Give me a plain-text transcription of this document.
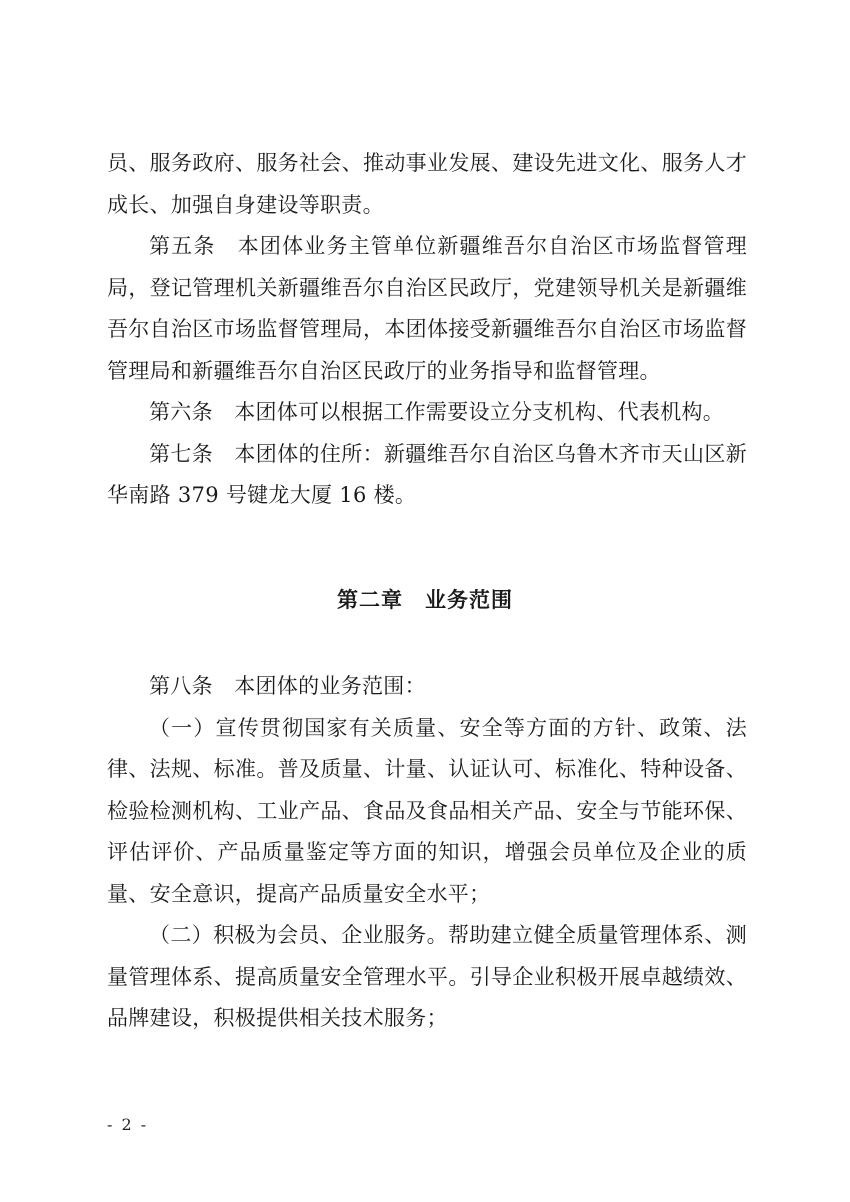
员、服务政府、服务社会、推动事业发展、建设先进文化、服务人才成长、加强自身建设等职责。

第五条　本团体业务主管单位新疆维吾尔自治区市场监督管理局，登记管理机关新疆维吾尔自治区民政厅，党建领导机关是新疆维吾尔自治区市场监督管理局，本团体接受新疆维吾尔自治区市场监督管理局和新疆维吾尔自治区民政厅的业务指导和监督管理。

第六条　本团体可以根据工作需要设立分支机构、代表机构。

第七条　本团体的住所：新疆维吾尔自治区乌鲁木齐市天山区新华南路 379 号键龙大厦 16 楼。

第二章　业务范围

第八条　本团体的业务范围：

（一）宣传贯彻国家有关质量、安全等方面的方针、政策、法律、法规、标准。普及质量、计量、认证认可、标准化、特种设备、检验检测机构、工业产品、食品及食品相关产品、安全与节能环保、评估评价、产品质量鉴定等方面的知识，增强会员单位及企业的质量、安全意识，提高产品质量安全水平；

（二）积极为会员、企业服务。帮助建立健全质量管理体系、测量管理体系、提高质量安全管理水平。引导企业积极开展卓越绩效、品牌建设，积极提供相关技术服务；

- 2 -
